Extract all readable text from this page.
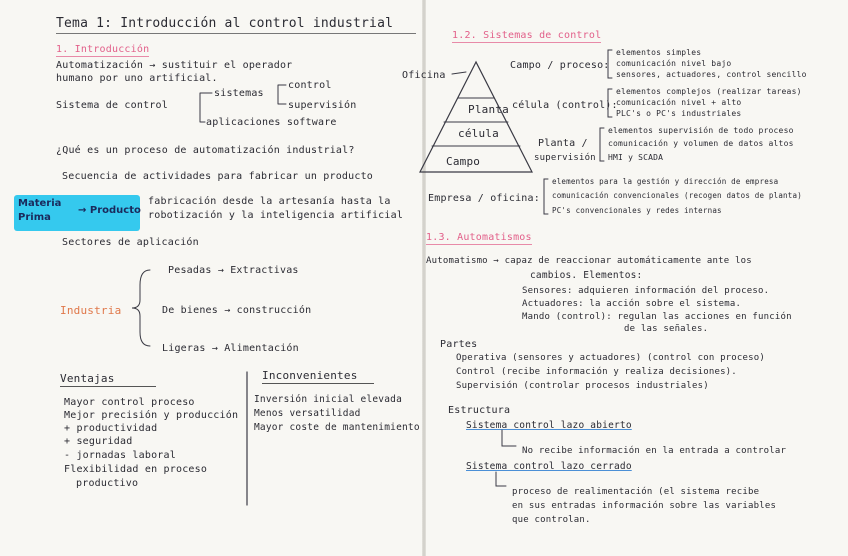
Tema 1: Introducción al control industrial
1. Introducción
Automatización → sustituir el operador
humano por uno artificial.
Sistema de control
sistemas
control
supervisión
aplicaciones software
¿Qué es un proceso de automatización industrial?
Secuencia de actividades para fabricar un producto
Materia
Prima
→ Producto
fabricación desde la artesanía hasta la
robotización y la inteligencia artificial
Sectores de aplicación
Pesadas → Extractivas
Industria	De bienes → construcción
Ligeras → Alimentación
Ventajas
Mayor control proceso
Mejor precisión y producción
+ productividad
+ seguridad
- jornadas laboral
Flexibilidad en proceso
productivo
Inconvenientes
Inversión inicial elevada
Menos versatilidad
Mayor coste de mantenimiento
1.2. Sistemas de control
Oficina
Planta
célula
Campo
Campo / proceso:
elementos simples
comunicación nivel bajo
sensores, actuadores, control sencillo
célula (control):
elementos complejos (realizar tareas)
comunicación nivel + alto
PLC's o PC's industriales
Planta /
supervisión
elementos supervisión de todo proceso
comunicación y volumen de datos altos
HMI y SCADA
Empresa / oficina:
elementos para la gestión y dirección de empresa
comunicación convencionales (recogen datos de planta)
PC's convencionales y redes internas
1.3. Automatismos
Automatismo → capaz de reaccionar automáticamente ante los
cambios. Elementos:
Sensores: adquieren información del proceso.
Actuadores: la acción sobre el sistema.
Mando (control): regulan las acciones en función
de las señales.
Partes
Operativa (sensores y actuadores) (control con proceso)
Control (recibe información y realiza decisiones).
Supervisión (controlar procesos industriales)
Estructura
Sistema control lazo abierto
No recibe información en la entrada a controlar
Sistema control lazo cerrado
proceso de realimentación (el sistema recibe
en sus entradas información sobre las variables
que controlan.
